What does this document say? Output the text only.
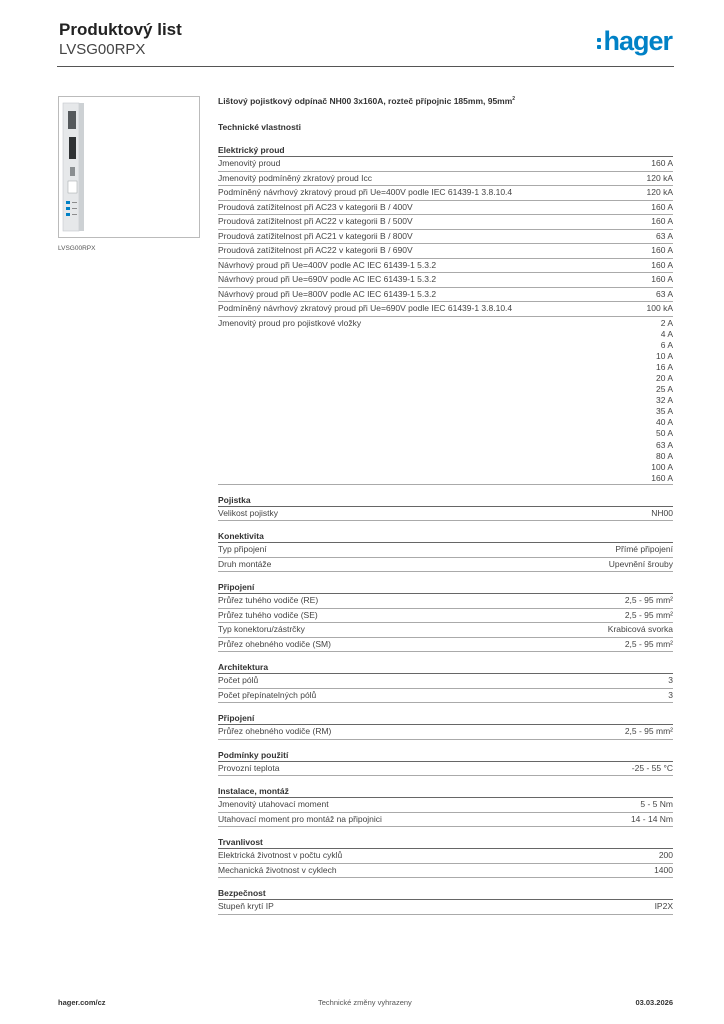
Produktový list
LVSG00RPX	hager
LVSG00RPX
Lištový pojistkový odpínač NH00 3x160A, rozteč přípojnic 185mm, $95mm^2$
Technické vlastnosti
Elektrický proud
Jmenovitý proud	160 A
Jmenovitý podmíněný zkratový proud Icc	120 kA
Podmíněný návrhový zkratový proud při Ue=400V podle IEC 61439-1 3.8.10.4	120 kA
Proudová zatížitelnost při AC23 v kategorii B / 400V	160 A
Proudová zatížitelnost při AC22 v kategorii B / 500V	160 A
Proudová zatížitelnost při AC21 v kategorii B / 800V	63 A
Proudová zatížitelnost při AC22 v kategorii B / 690V	160 A
Návrhový proud při Ue=400V podle AC IEC 61439-1 5.3.2	160 A
Návrhový proud při Ue=690V podle AC IEC 61439-1 5.3.2	160 A
Návrhový proud při Ue=800V podle AC IEC 61439-1 5.3.2	63 A
Podmíněný návrhový zkratový proud při Ue=690V podle IEC 61439-1 3.8.10.4	100 kA
Jmenovitý proud pro pojistkové vložky	2 A
4 A
6 A
10 A
16 A
20 A
25 A
32 A
35 A
40 A
50 A
63 A
80 A
100 A
160 A
Pojistka
Velikost pojistky	NH00
Konektivita
Typ připojení	Přímé připojení
Druh montáže	Upevnění šrouby
Připojení
Průřez tuhého vodiče (RE)	2,5 - 95 mm²
Průřez tuhého vodiče (SE)	2,5 - 95 mm²
Typ konektoru/zástrčky	Krabicová svorka
Průřez ohebného vodiče (SM)	2,5 - 95 mm²
Architektura
Počet pólů	3
Počet přepínatelných pólů	3
Připojení
Průřez ohebného vodiče (RM)	2,5 - 95 mm²
Podmínky použití
Provozní teplota	-25 - 55 °C
Instalace, montáž
Jmenovitý utahovací moment	5 - 5 Nm
Utahovací moment pro montáž na připojnici	14 - 14 Nm
Trvanlivost
Elektrická životnost v počtu cyklů	200
Mechanická životnost v cyklech	1400
Bezpečnost
Stupeň krytí IP	IP2X
hager.com/cz	Technické změny vyhrazeny	03.03.2026
